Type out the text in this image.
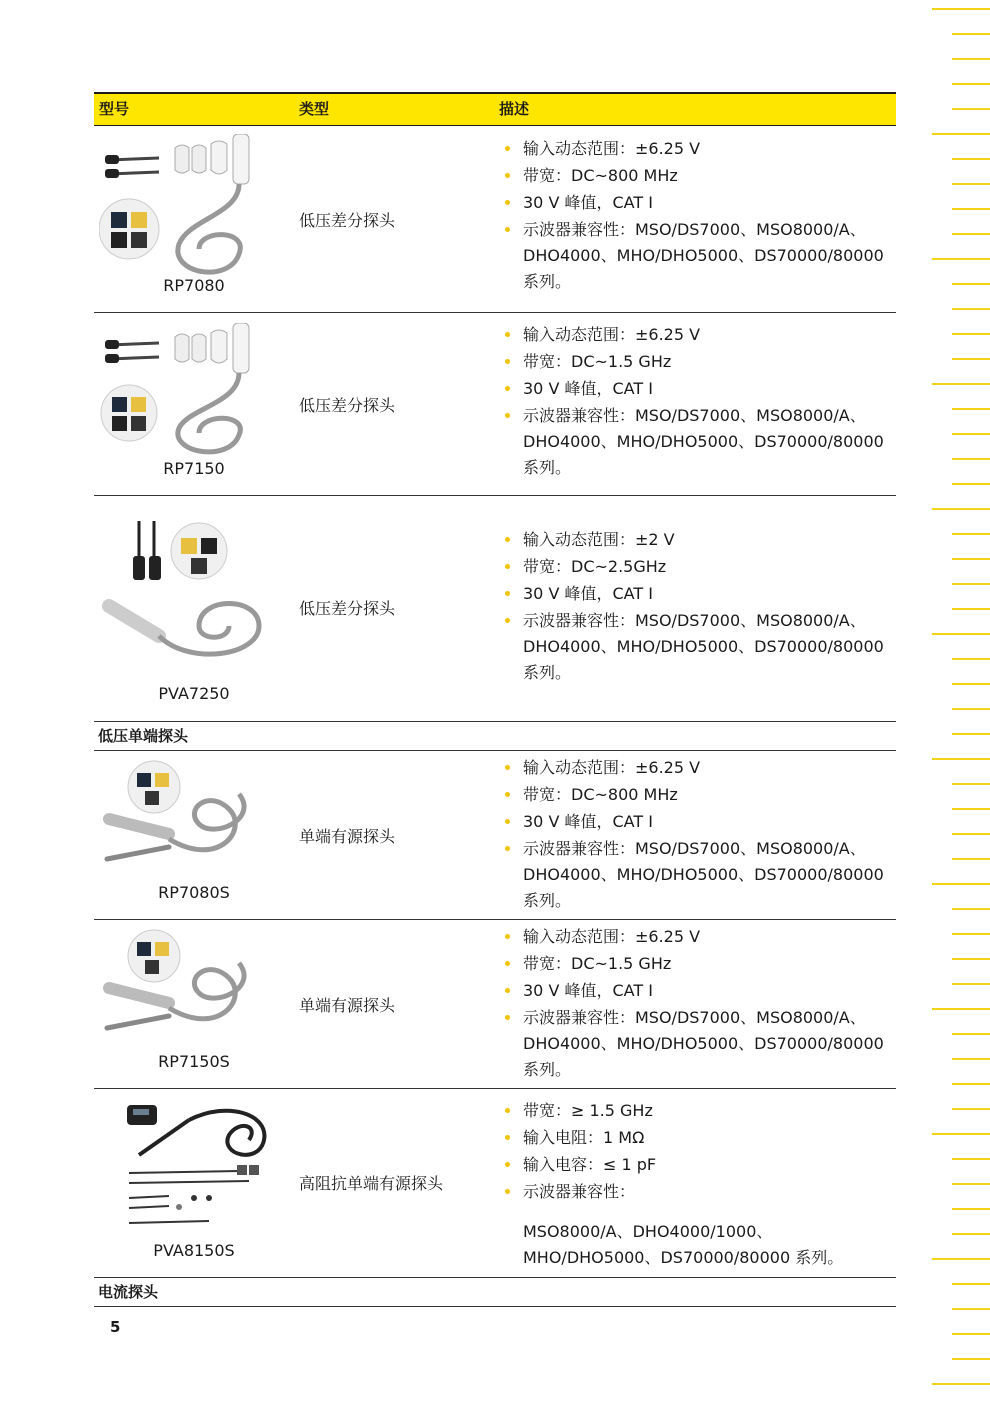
型号	类型	描述
RP7080
低压差分探头
输入动态范围：±6.25 V
带宽：DC~800 MHz
30 V 峰值，CAT I
示波器兼容性：MSO/DS7000、MSO8000/A、DHO4000、MHO/DHO5000、DS70000/80000 系列。
RP7150
低压差分探头
输入动态范围：±6.25 V
带宽：DC~1.5 GHz
30 V 峰值，CAT I
示波器兼容性：MSO/DS7000、MSO8000/A、DHO4000、MHO/DHO5000、DS70000/80000 系列。
PVA7250
低压差分探头
输入动态范围：±2 V
带宽：DC~2.5GHz
30 V 峰值，CAT I
示波器兼容性：MSO/DS7000、MSO8000/A、DHO4000、MHO/DHO5000、DS70000/80000 系列。
低压单端探头
RP7080S
单端有源探头
输入动态范围：±6.25 V
带宽：DC~800 MHz
30 V 峰值，CAT I
示波器兼容性：MSO/DS7000、MSO8000/A、DHO4000、MHO/DHO5000、DS70000/80000 系列。
RP7150S
单端有源探头
输入动态范围：±6.25 V
带宽：DC~1.5 GHz
30 V 峰值，CAT I
示波器兼容性：MSO/DS7000、MSO8000/A、DHO4000、MHO/DHO5000、DS70000/80000 系列。
PVA8150S
高阻抗单端有源探头
带宽：≥ 1.5 GHz
输入电阻：1 MΩ
输入电容：≤ 1 pF
示波器兼容性：
MSO8000/A、DHO4000/1000、MHO/DHO5000、DS70000/80000 系列。
电流探头
5
